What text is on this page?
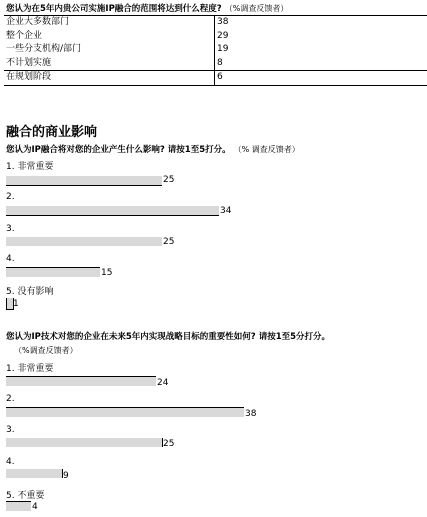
您认为在5年内贵公司实施IP融合的范围将达到什么程度? （%调查反馈者）
企业大多数部门	38
整个企业	29
一些分支机构/部门	19
不计划实施	8
在规划阶段	6
融合的商业影响
您认为IP融合将对您的企业产生什么影响? 请按1至5打分。 （% 调查反馈者）
1. 非常重要
25
2.
34
3.
25
4.
15
5. 没有影响
1
您认为IP技术对您的企业在未来5年内实现战略目标的重要性如何? 请按1至5分打分。
（%调查反馈者）
1. 非常重要
24
2.
38
3.
25
4.
9
5. 不重要
4
